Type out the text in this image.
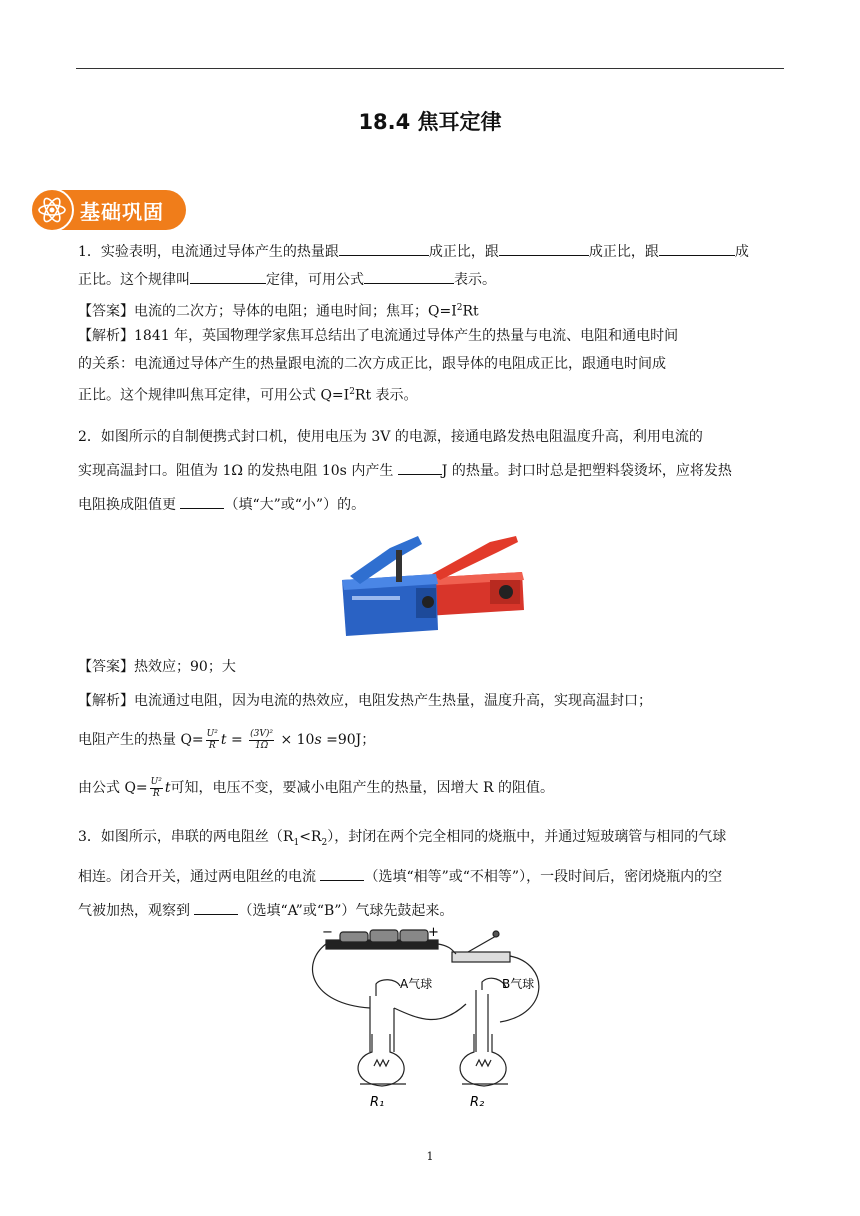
18.4 焦耳定律
基础巩固
1．实验表明，电流通过导体产生的热量跟	成正比，跟	成正比，跟	成
正比。这个规律叫	定律，可用公式	表示。
【答案】电流的二次方；导体的电阻；通电时间；焦耳；$Q=I^2Rt$
【解析】1841 年，英国物理学家焦耳总结出了电流通过导体产生的热量与电流、电阻和通电时间
的关系：电流通过导体产生的热量跟电流的二次方成正比，跟导体的电阻成正比，跟通电时间成
正比。这个规律叫焦耳定律，可用公式 $Q=I^2Rt$ 表示。
2．如图所示的自制便携式封口机，使用电压为 3V 的电源，接通电路发热电阻温度升高，利用电流的
实现高温封口。阻值为 1Ω 的发热电阻 10s 内产生	J 的热量。封口时总是把塑料袋烫坏，应将发热
电阻换成阻值更	（填“大”或“小”）的。
【答案】热效应；90；大
【解析】电流通过电阻，因为电流的热效应，电阻发热产生热量，温度升高，实现高温封口；
电阻产生的热量 $Q= \frac{\text{U²}}{R}$ $t = \frac{\text{(3V)²}}{1\Omega} \times 10s =90J$；
由公式 $Q= \frac{\text{U²}}{R}$ t可知，电压不变，要减小电阻产生的热量，因增大 R 的阻值。
3．如图所示，串联的两电阻丝$(R_1<R_2)$，封闭在两个完全相同的烧瓶中，并通过短玻璃管与相同的气球
相连。闭合开关，通过两电阻丝的电流	（选填“相等”或“不相等”），一段时间后，密闭烧瓶内的空
气被加热，观察到	（选填“A”或“B”）气球先鼓起来。
−	+
A气球	B气球
R₁	R₂
1
